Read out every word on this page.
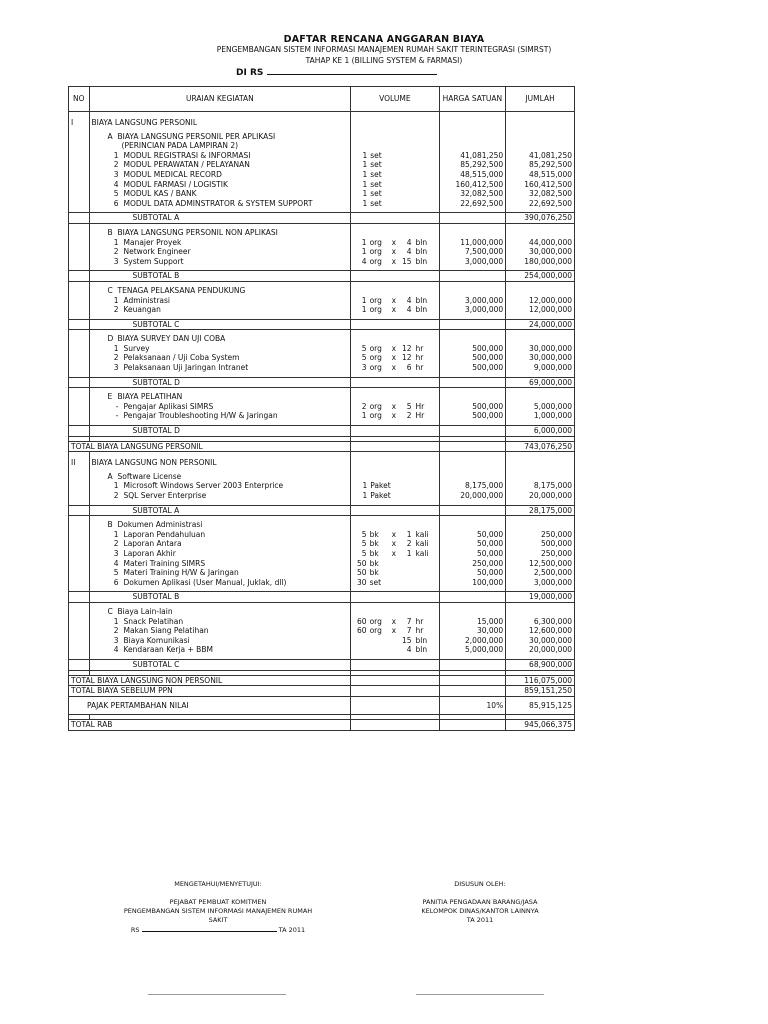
DAFTAR RENCANA ANGGARAN BIAYA
PENGEMBANGAN SISTEM INFORMASI MANAJEMEN RUMAH SAKIT TERINTEGRASI (SIMRST)
TAHAP KE 1 (BILLING SYSTEM & FARMASI)
DI RS
NO	URAIAN KEGIATAN	VOLUME	HARGA SATUAN	JUMLAH

I	BIAYA LANGSUNG PERSONIL			

	A BIAYA LANGSUNG PERSONIL PER APLIKASI			
	(PERINCIAN PADA LAMPIRAN 2)			
	1 MODUL REGISTRASI & INFORMASI	1 set	41,081,250	41,081,250
	2 MODUL PERAWATAN / PELAYANAN	1 set	85,292,500	85,292,500
	3 MODUL MEDICAL RECORD	1 set	48,515,000	48,515,000
	4 MODUL FARMASI / LOGISTIK	1 set	160,412,500	160,412,500
	5 MODUL KAS / BANK	1 set	32,082,500	32,082,500
	6 MODUL DATA ADMINSTRATOR & SYSTEM SUPPORT	1 set	22,692,500	22,692,500

	SUBTOTAL A			390,076,250

	B BIAYA LANGSUNG PERSONIL NON APLIKASI			
	1 Manajer Proyek	1 org x 4 bln	11,000,000	44,000,000
	2 Network Engineer	1 org x 4 bln	7,500,000	30,000,000
	3 System Support	4 org x 15 bln	3,000,000	180,000,000

	SUBTOTAL B			254,000,000

	C TENAGA PELAKSANA PENDUKUNG			
	1 Administrasi	1 org x 4 bln	3,000,000	12,000,000
	2 Keuangan	1 org x 4 bln	3,000,000	12,000,000

	SUBTOTAL C			24,000,000

	D BIAYA SURVEY DAN UJI COBA			
	1 Survey	5 org x 12 hr	500,000	30,000,000
	2 Pelaksanaan / Uji Coba System	5 org x 12 hr	500,000	30,000,000
	3 Pelaksanaan Uji Jaringan Intranet	3 org x 6 hr	500,000	9,000,000

	SUBTOTAL D			69,000,000

	E BIAYA PELATIHAN			
	- Pengajar Aplikasi SIMRS	2 org x 5 Hr	500,000	5,000,000
	- Pengajar Troubleshooting H/W & Jaringan	1 org x 2 Hr	500,000	1,000,000

	SUBTOTAL D			6,000,000

TOTAL BIAYA LANGSUNG PERSONIL				743,076,250

II	BIAYA LANGSUNG NON PERSONIL			

	A Software License			
	1 Microsoft Windows Server 2003 Enterprice	1 Paket	8,175,000	8,175,000
	2 SQL Server Enterprise	1 Paket	20,000,000	20,000,000

	SUBTOTAL A			28,175,000

	B Dokumen Administrasi			
	1 Laporan Pendahuluan	5 bk x 1 kali	50,000	250,000
	2 Laporan Antara	5 bk x 2 kali	50,000	500,000
	3 Laporan Akhir	5 bk x 1 kali	50,000	250,000
	4 Materi Training SIMRS	50 bk	250,000	12,500,000
	5 Materi Training H/W & Jaringan	50 bk	50,000	2,500,000
	6 Dokumen Aplikasi (User Manual, Juklak, dll)	30 set	100,000	3,000,000

	SUBTOTAL B			19,000,000

	C Biaya Lain-lain			
	1 Snack Pelatihan	60 org x 7 hr	15,000	6,300,000
	2 Makan Siang Pelatihan	60 org x 7 hr	30,000	12,600,000
	3 Biaya Komunikasi	15 bln	2,000,000	30,000,000
	4 Kendaraan Kerja + BBM	4 bln	5,000,000	20,000,000

	SUBTOTAL C			68,900,000

TOTAL BIAYA LANGSUNG NON PERSONIL				116,075,000
TOTAL BIAYA SEBELUM PPN				859,151,250
PAJAK PERTAMBAHAN NILAI			10%	85,915,125

TOTAL RAB				945,066,375
MENGETAHUI/MENYETUJUI:
PEJABAT PEMBUAT KOMITMEN
PENGEMBANGAN SISTEM INFORMASI MANAJEMEN RUMAH SAKIT
RS	TA 2011
DISUSUN OLEH:
PANITIA PENGADAAN BARANG/JASA
KELOMPOK DINAS/KANTOR LAINNYA
TA 2011
